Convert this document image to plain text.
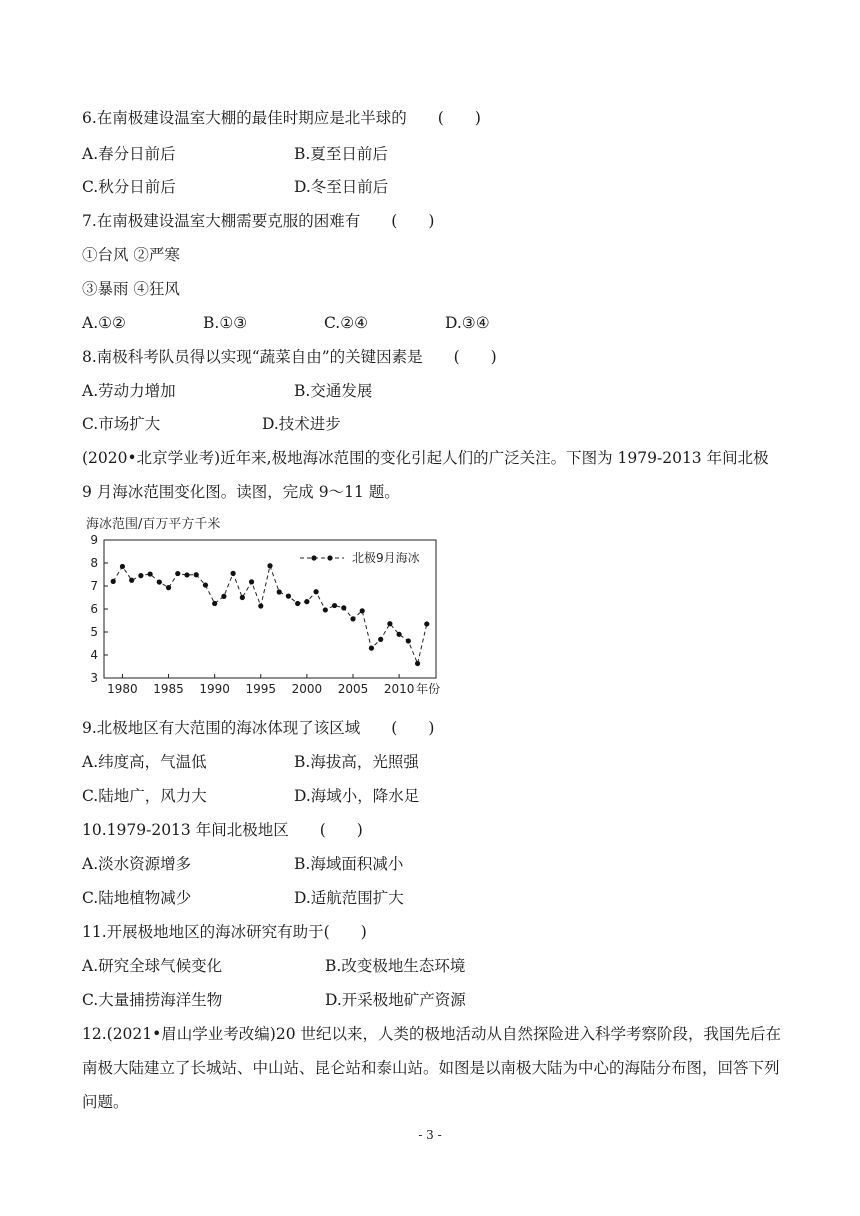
6.在南极建设温室大棚的最佳时期应是北半球的　　(　　)
A.春分日前后	B.夏至日前后
C.秋分日前后	D.冬至日前后
7.在南极建设温室大棚需要克服的困难有　　(　　)
①台风 ②严寒
③暴雨 ④狂风
A.①②	B.①③	C.②④	D.③④
8.南极科考队员得以实现“蔬菜自由”的关键因素是　　(　　)
A.劳动力增加	B.交通发展
C.市场扩大	D.技术进步
(2020•北京学业考)近年来,极地海冰范围的变化引起人们的广泛关注。下图为 1979-2013 年间北极 9 月海冰范围变化图。读图，完成 9～11 题。
海冰范围/百万平方千米
3
4
5
6
7
8
9
1980 1985 1990 1995 2000 2005 2010 年份
北极9月海冰
9.北极地区有大范围的海冰体现了该区域　　(　　)
A.纬度高，气温低	B.海拔高，光照强
C.陆地广，风力大	D.海域小，降水足
10.1979-2013 年间北极地区　　(　　)
A.淡水资源增多	B.海域面积减小
C.陆地植物减少	D.适航范围扩大
11.开展极地地区的海冰研究有助于(　　)
A.研究全球气候变化	B.改变极地生态环境
C.大量捕捞海洋生物	D.开采极地矿产资源
12.(2021•眉山学业考改编)20 世纪以来，人类的极地活动从自然探险进入科学考察阶段，我国先后在南极大陆建立了长城站、中山站、昆仑站和泰山站。如图是以南极大陆为中心的海陆分布图，回答下列问题。
- 3 -
